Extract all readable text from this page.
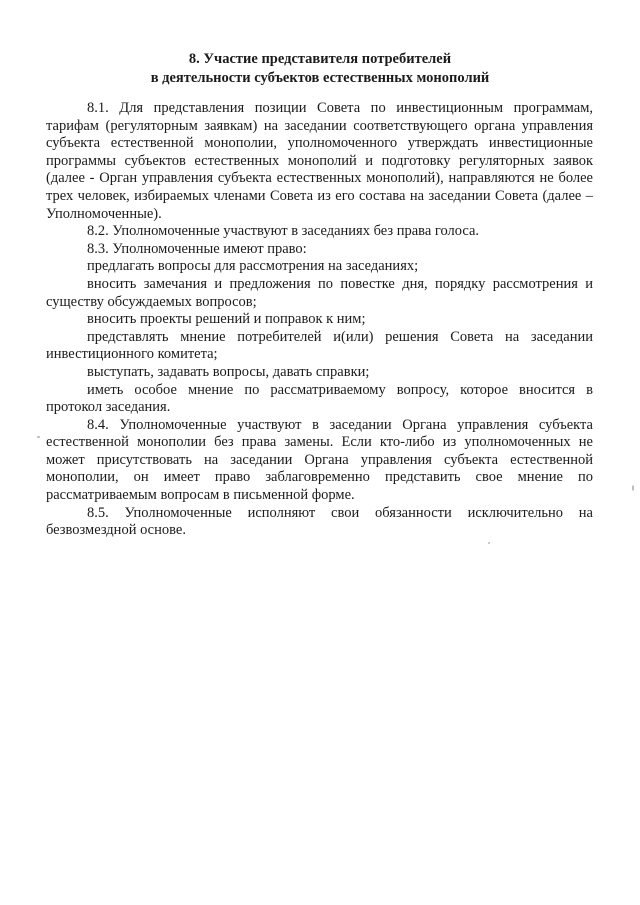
8. Участие представителя потребителей
в деятельности субъектов естественных монополий

8.1. Для представления позиции Совета по инвестиционным программам, тарифам (регуляторным заявкам) на заседании соответствующего органа управления субъекта естественной монополии, уполномоченного утверждать инвестиционные программы субъектов естественных монополий и подготовку регуляторных заявок (далее - Орган управления субъекта естественных монополий), направляются не более трех человек, избираемых членами Совета из его состава на заседании Совета (далее – Уполномоченные).

8.2. Уполномоченные участвуют в заседаниях без права голоса.

8.3. Уполномоченные имеют право:

предлагать вопросы для рассмотрения на заседаниях;

вносить замечания и предложения по повестке дня, порядку рассмотрения и существу обсуждаемых вопросов;

вносить проекты решений и поправок к ним;

представлять мнение потребителей и(или) решения Совета на заседании инвестиционного комитета;

выступать, задавать вопросы, давать справки;

иметь особое мнение по рассматриваемому вопросу, которое вносится в протокол заседания.

8.4. Уполномоченные участвуют в заседании Органа управления субъекта естественной монополии без права замены. Если кто-либо из уполномоченных не может присутствовать на заседании Органа управления субъекта естественной монополии, он имеет право заблаговременно представить свое мнение по рассматриваемым вопросам в письменной форме.

8.5. Уполномоченные исполняют свои обязанности исключительно на безвозмездной основе.
